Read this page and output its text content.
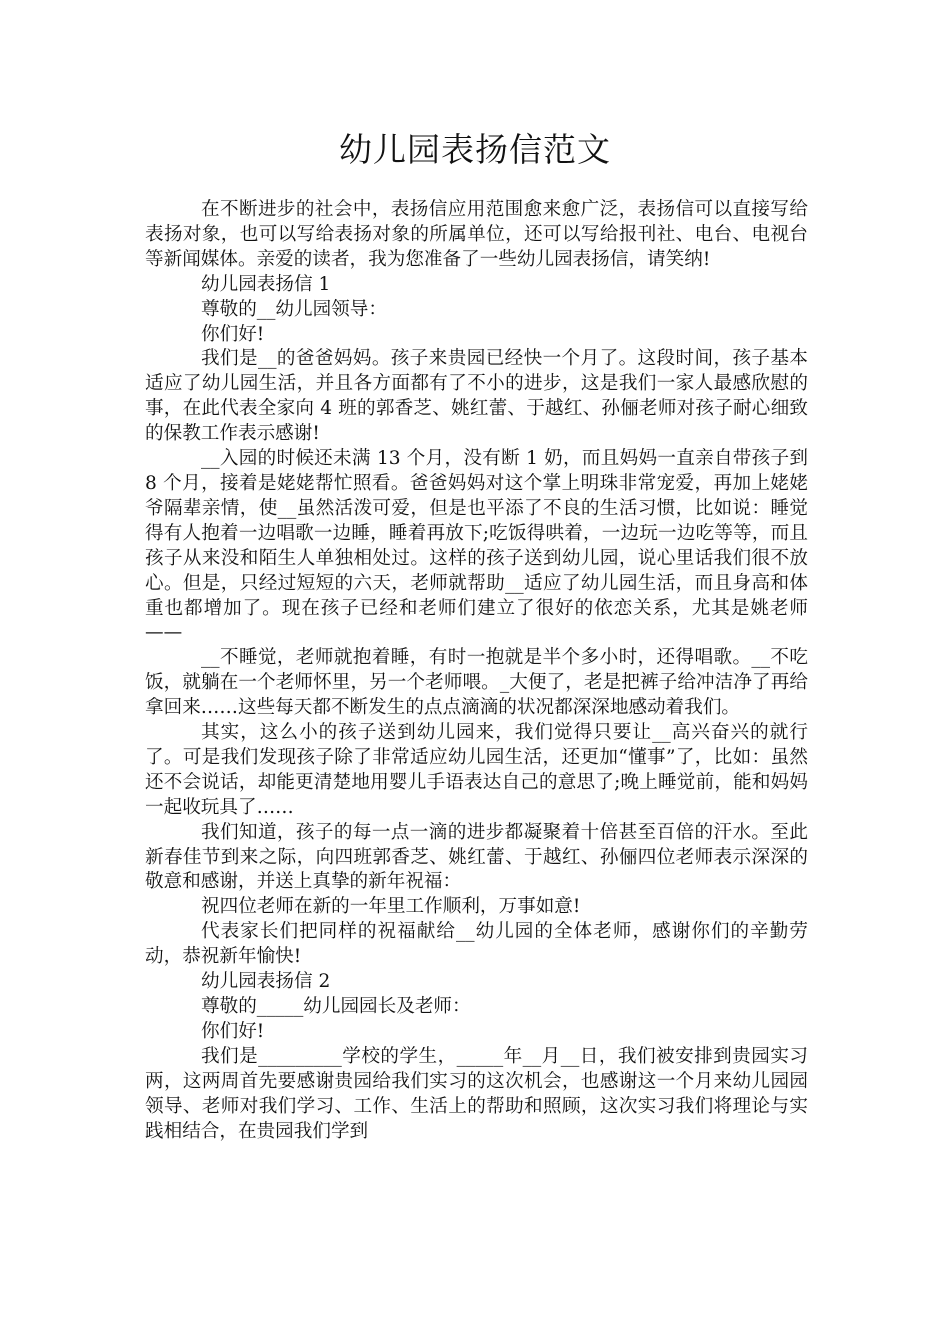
幼儿园表扬信范文

在不断进步的社会中，表扬信应用范围愈来愈广泛，表扬信可以直接写给表扬对象，也可以写给表扬对象的所属单位，还可以写给报刊社、电台、电视台等新闻媒体。亲爱的读者，我为您准备了一些幼儿园表扬信，请笑纳!

幼儿园表扬信 1

尊敬的__幼儿园领导：

你们好!

我们是__的爸爸妈妈。孩子来贵园已经快一个月了。这段时间，孩子基本适应了幼儿园生活，并且各方面都有了不小的进步，这是我们一家人最感欣慰的事，在此代表全家向 4 班的郭香芝、姚红蕾、于越红、孙俪老师对孩子耐心细致的保教工作表示感谢!

__入园的时候还未满 13 个月，没有断 1 奶，而且妈妈一直亲自带孩子到 8 个月，接着是姥姥帮忙照看。爸爸妈妈对这个掌上明珠非常宠爱，再加上姥姥爷隔辈亲情，使__虽然活泼可爱，但是也平添了不良的生活习惯，比如说：睡觉得有人抱着一边唱歌一边睡，睡着再放下;吃饭得哄着，一边玩一边吃等等，而且孩子从来没和陌生人单独相处过。这样的孩子送到幼儿园，说心里话我们很不放心。但是，只经过短短的六天，老师就帮助__适应了幼儿园生活，而且身高和体重也都增加了。现在孩子已经和老师们建立了很好的依恋关系，尤其是姚老师——

__不睡觉，老师就抱着睡，有时一抱就是半个多小时，还得唱歌。__不吃饭，就躺在一个老师怀里，另一个老师喂。_大便了，老是把裤子给冲洁净了再给拿回来……这些每天都不断发生的点点滴滴的状况都深深地感动着我们。

其实，这么小的孩子送到幼儿园来，我们觉得只要让__高兴奋兴的就行了。可是我们发现孩子除了非常适应幼儿园生活，还更加“懂事”了，比如：虽然还不会说话，却能更清楚地用婴儿手语表达自己的意思了;晚上睡觉前，能和妈妈一起收玩具了……

我们知道，孩子的每一点一滴的进步都凝聚着十倍甚至百倍的汗水。至此新春佳节到来之际，向四班郭香芝、姚红蕾、于越红、孙俪四位老师表示深深的敬意和感谢，并送上真挚的新年祝福：

祝四位老师在新的一年里工作顺利，万事如意!

代表家长们把同样的祝福献给__幼儿园的全体老师，感谢你们的辛勤劳动，恭祝新年愉快!

幼儿园表扬信 2

尊敬的_____幼儿园园长及老师：

你们好!

我们是_________学校的学生，_____年__月__日，我们被安排到贵园实习两，这两周首先要感谢贵园给我们实习的这次机会，也感谢这一个月来幼儿园园领导、老师对我们学习、工作、生活上的帮助和照顾，这次实习我们将理论与实践相结合，在贵园我们学到
